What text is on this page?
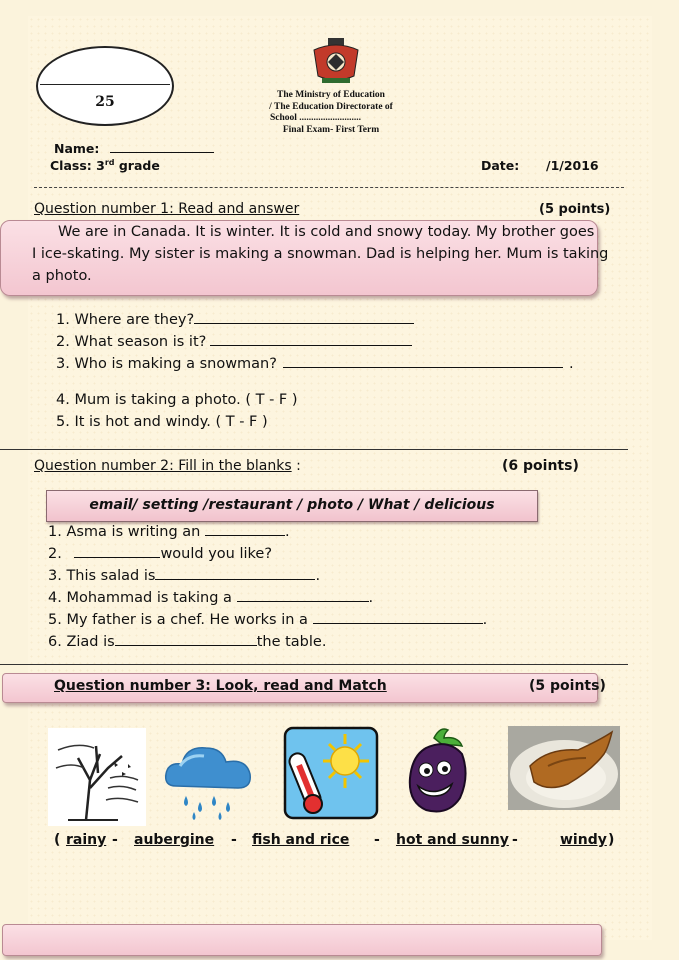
25	The Ministry of Education
/ The Education Directorate of
School ..........................
Final Exam- First Term
Name:
Class: 3rd grade	Date: /1/2016
Question number 1: Read and answer	(5 points)
We are in Canada. It is winter. It is cold and snowy today. My brother goes
I ice-skating. My sister is making a snowman. Dad is helping her. Mum is taking
a photo.
1. Where are they?
2. What season is it?
3. Who is making a snowman?	.
4. Mum is taking a photo. ( T - F )
5. It is hot and windy. ( T - F )
Question number 2: Fill in the blanks :	(6 points)
email/ setting /restaurant / photo / What / delicious
1. Asma is writing an	.
2.	would you like?
3. This salad is	.
4. Mohammad is taking a	.
5. My father is a chef. He works in a	.
6. Ziad is	the table.
Question number 3: Look, read and Match	(5 points)
( rainy - aubergine -	fish and rice - hot and sunny -	windy )
